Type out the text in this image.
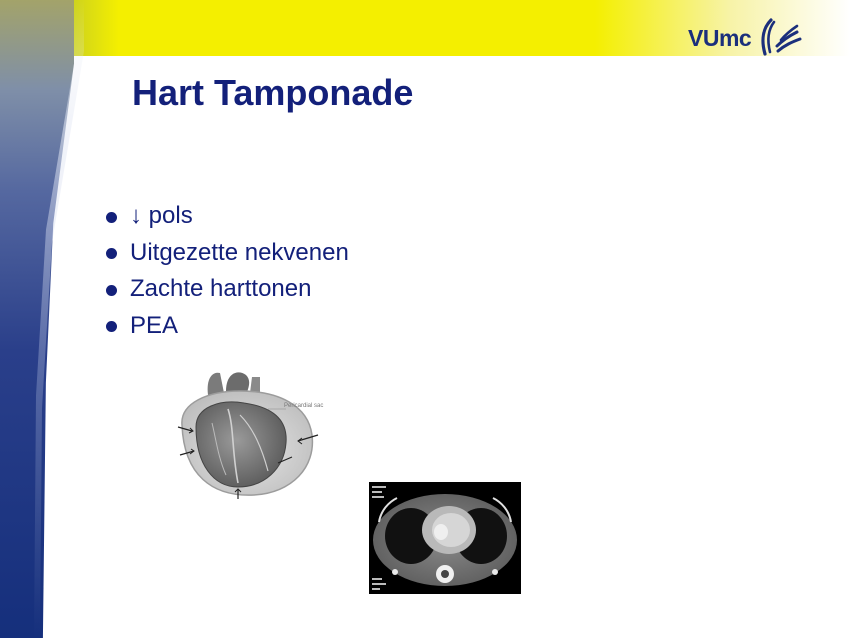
VUmc
Hart Tamponade
↓ pols
Uitgezette nekvenen
Zachte harttonen
PEA
Pericardial sac
